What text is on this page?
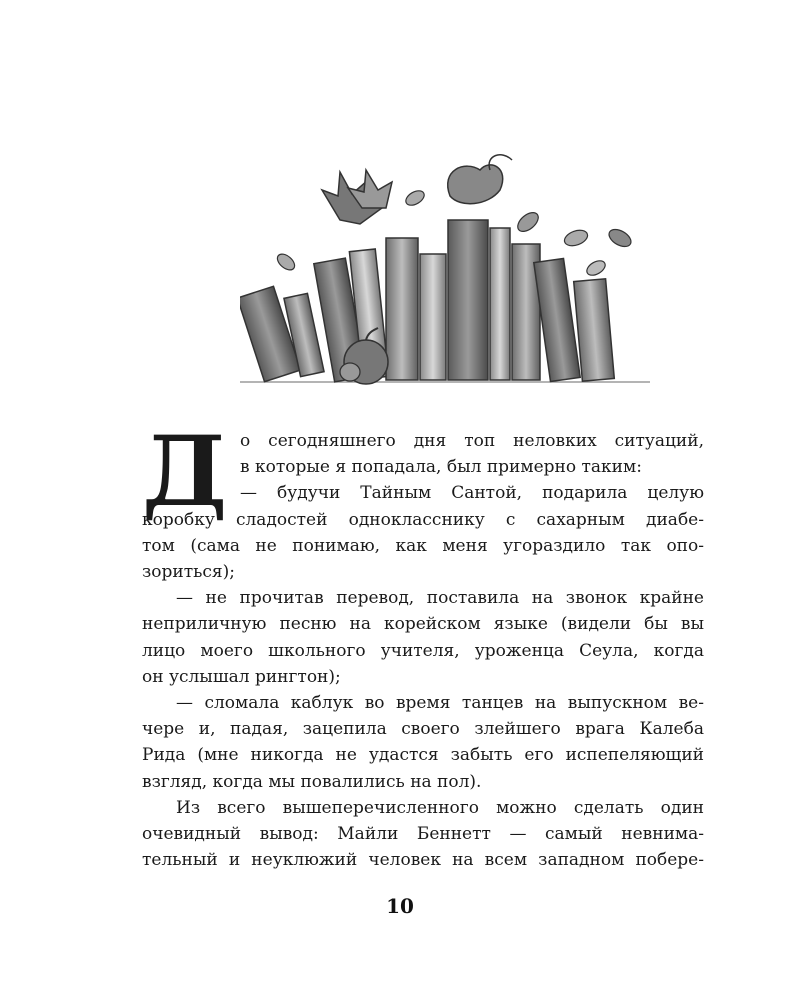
Д о сегодняшнего дня топ неловких ситуаций,
в которые я попадала, был примерно таким:
— будучи Тайным Сантой, подарила целую
коробку сладостей однокласснику с сахарным диабе-
том (сама не понимаю, как меня угораздило так опо-
зориться);
— не прочитав перевод, поставила на звонок крайне
неприличную песню на корейском языке (видели бы вы
лицо моего школьного учителя, уроженца Сеула, когда
он услышал рингтон);
— сломала каблук во время танцев на выпускном ве-
чере и, падая, зацепила своего злейшего врага Калеба
Рида (мне никогда не удастся забыть его испепеляющий
взгляд, когда мы повалились на пол).
Из всего вышеперечисленного можно сделать один
очевидный вывод: Майли Беннетт — самый невнима-
тельный и неуклюжий человек на всем западном побере-
10
